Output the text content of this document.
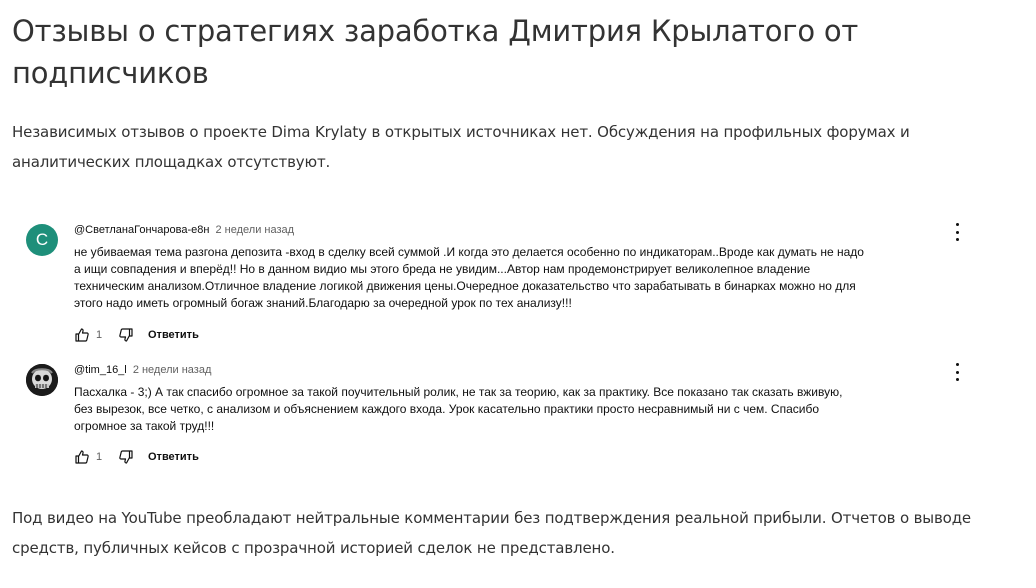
Отзывы о стратегиях заработка Дмитрия Крылатого от подписчиков

Независимых отзывов о проекте Dima Krylaty в открытых источниках нет. Обсуждения на профильных форумах и аналитических площадках отсутствуют.

С	@СветланаГончарова-е8н 2 недели назад
не убиваемая тема разгона депозита -вход в сделку всей суммой .И когда это делается особенно по индикаторам..Вроде как думать не надо
а ищи совпадения и вперёд!! Но в данном видио мы этого бреда не увидим...Автор нам продемонстрирует великолепное владение
техническим анализом.Отличное владение логикой движения цены.Очередное доказательство что зарабатывать в бинарках можно но для
этого надо иметь огромный богаж знаний.Благодарю за очередной урок по тех анализу!!!
1	Ответить
@tim_16_l 2 недели назад
Пасхалка - 3;) А так спасибо огромное за такой поучительный ролик, не так за теорию, как за практику. Все показано так сказать вживую,
без вырезок, все четко, с анализом и объяснением каждого входа. Урок касательно практики просто несравнимый ни с чем. Спасибо
огромное за такой труд!!!
1	Ответить

Под видео на YouTube преобладают нейтральные комментарии без подтверждения реальной прибыли. Отчетов о выводе средств, публичных кейсов с прозрачной историей сделок не представлено.
